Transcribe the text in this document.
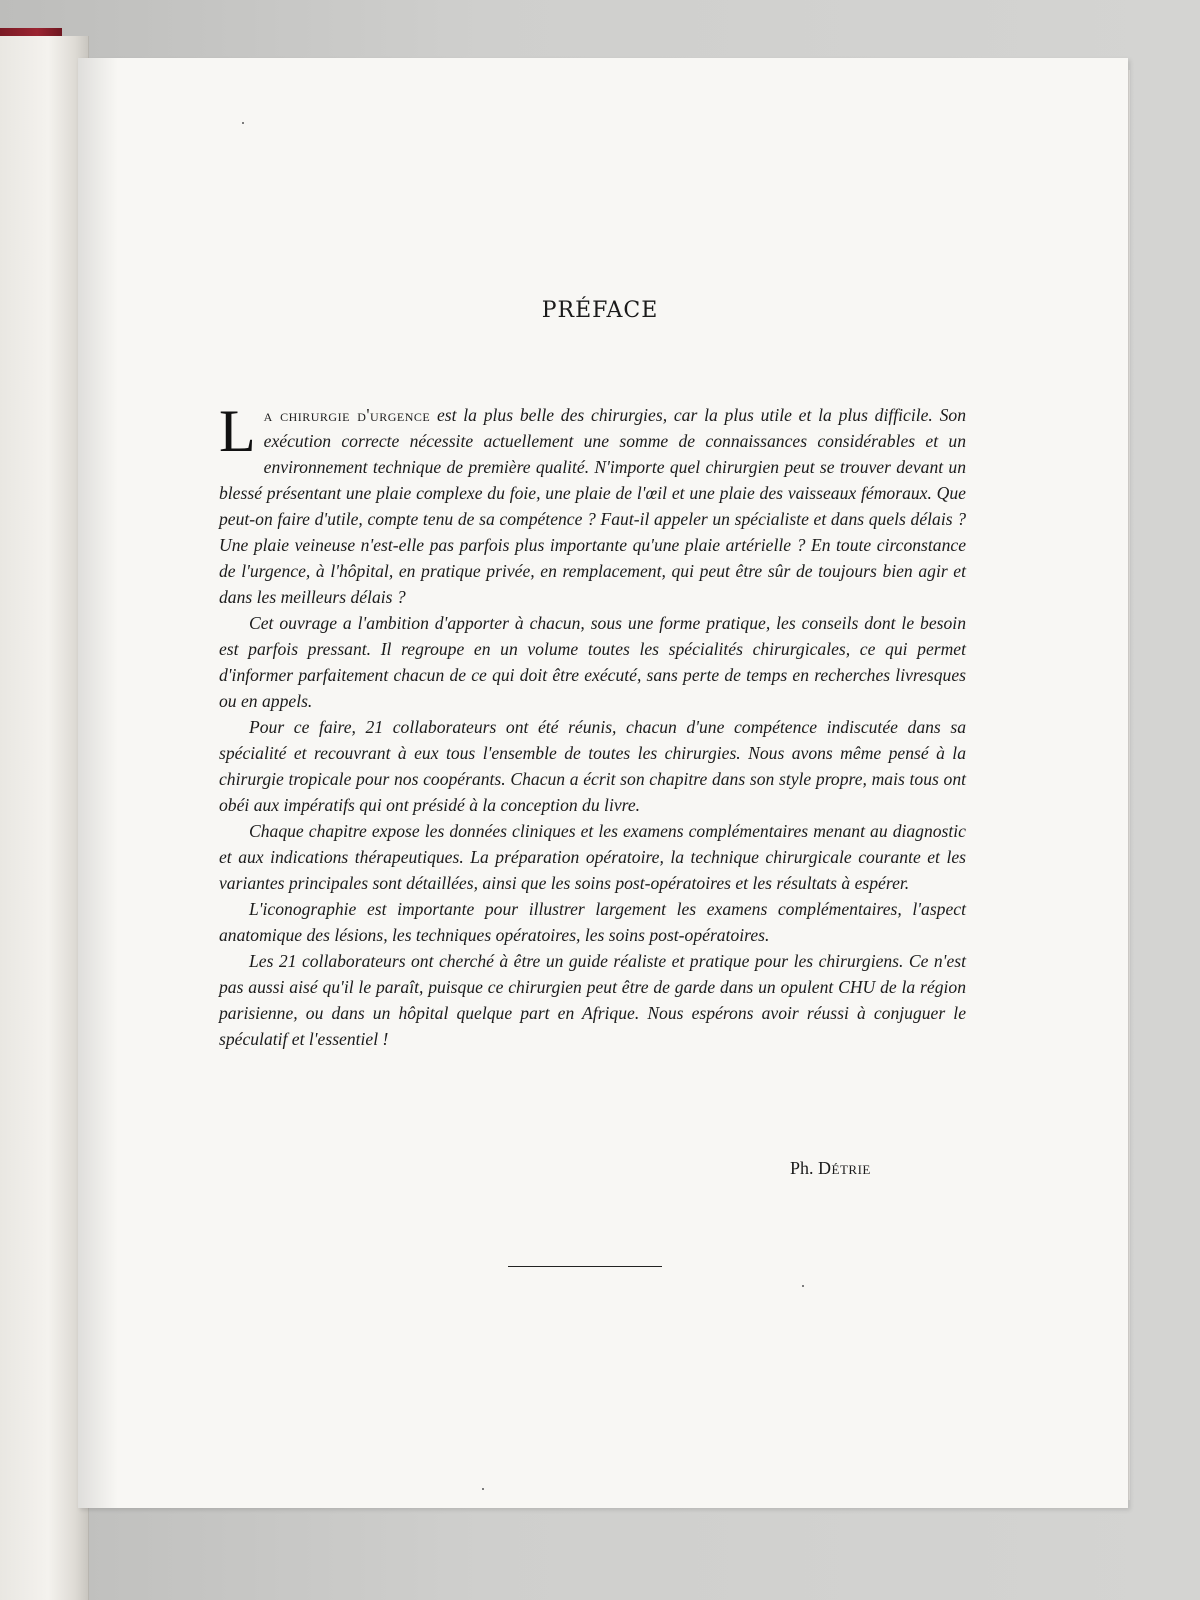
PRÉFACE

La chirurgie d'urgence est la plus belle des chirurgies, car la plus utile et la plus difficile. Son exécution correcte nécessite actuellement une somme de connaissances considérables et un environnement technique de première qualité. N'importe quel chirurgien peut se trouver devant un blessé présentant une plaie complexe du foie, une plaie de l'œil et une plaie des vaisseaux fémoraux. Que peut-on faire d'utile, compte tenu de sa compétence ? Faut-il appeler un spécialiste et dans quels délais ? Une plaie veineuse n'est-elle pas parfois plus importante qu'une plaie artérielle ? En toute circonstance de l'urgence, à l'hôpital, en pratique privée, en remplacement, qui peut être sûr de toujours bien agir et dans les meilleurs délais ?

Cet ouvrage a l'ambition d'apporter à chacun, sous une forme pratique, les conseils dont le besoin est parfois pressant. Il regroupe en un volume toutes les spécialités chirurgicales, ce qui permet d'informer parfaitement chacun de ce qui doit être exécuté, sans perte de temps en recherches livresques ou en appels.

Pour ce faire, 21 collaborateurs ont été réunis, chacun d'une compétence indiscutée dans sa spécialité et recouvrant à eux tous l'ensemble de toutes les chirurgies. Nous avons même pensé à la chirurgie tropicale pour nos coopérants. Chacun a écrit son chapitre dans son style propre, mais tous ont obéi aux impératifs qui ont présidé à la conception du livre.

Chaque chapitre expose les données cliniques et les examens complémentaires menant au diagnostic et aux indications thérapeutiques. La préparation opératoire, la technique chirurgicale courante et les variantes principales sont détaillées, ainsi que les soins post-opératoires et les résultats à espérer.

L'iconographie est importante pour illustrer largement les examens complémentaires, l'aspect anatomique des lésions, les techniques opératoires, les soins post-opératoires.

Les 21 collaborateurs ont cherché à être un guide réaliste et pratique pour les chirurgiens. Ce n'est pas aussi aisé qu'il le paraît, puisque ce chirurgien peut être de garde dans un opulent CHU de la région parisienne, ou dans un hôpital quelque part en Afrique. Nous espérons avoir réussi à conjuguer le spéculatif et l'essentiel !

Ph. Détrie
